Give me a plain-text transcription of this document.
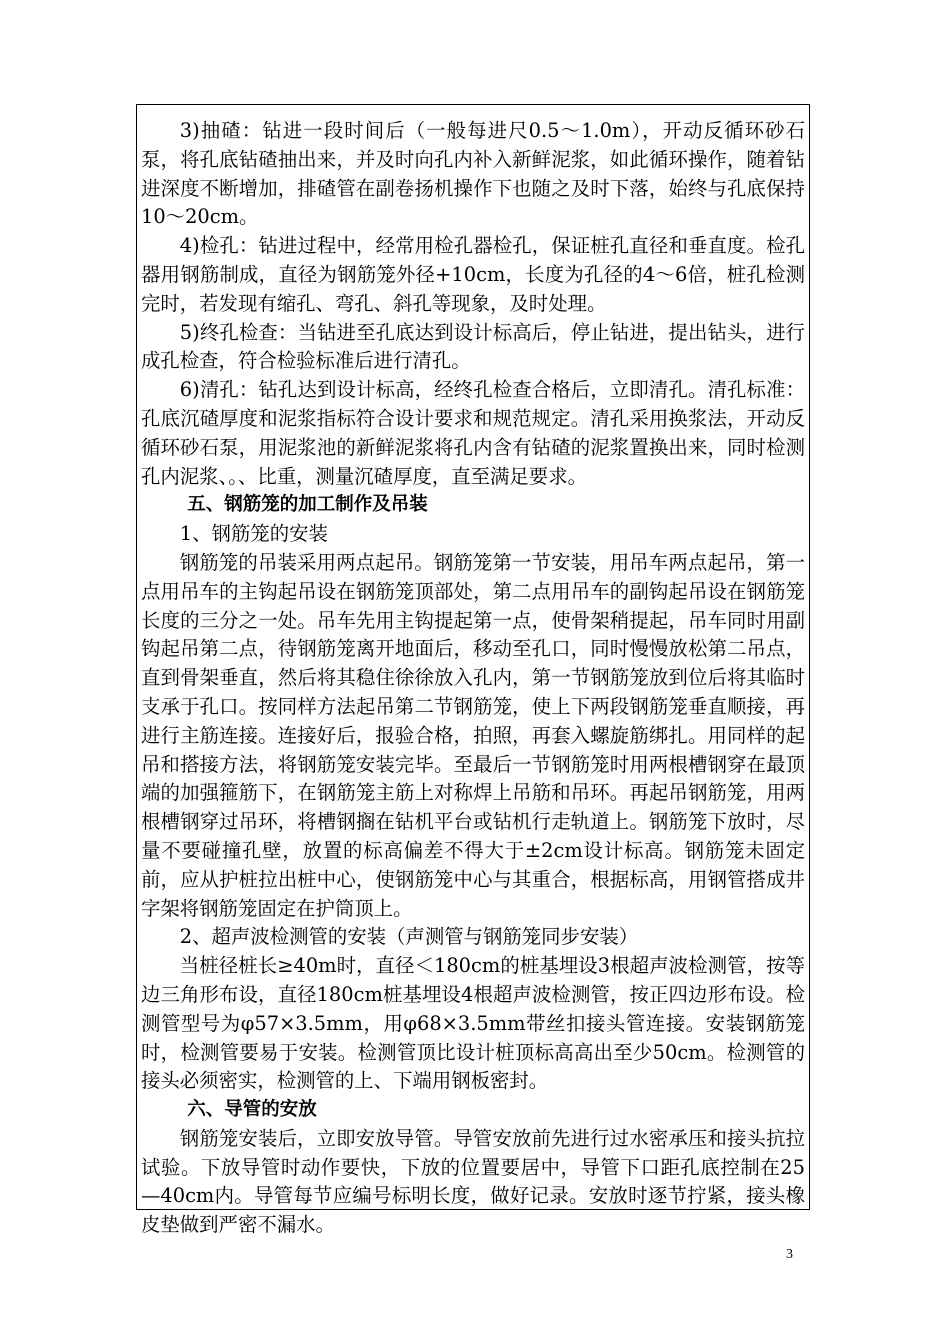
3)抽碴：钻进一段时间后（一般每进尺0.5～1.0m），开动反循环砂石泵，将孔底钻碴抽出来，并及时向孔内补入新鲜泥浆，如此循环操作，随着钻进深度不断增加，排碴管在副卷扬机操作下也随之及时下落，始终与孔底保持10～20cm。

4)检孔：钻进过程中，经常用检孔器检孔，保证桩孔直径和垂直度。检孔器用钢筋制成，直径为钢筋笼外径+10cm，长度为孔径的4～6倍，桩孔检测完时，若发现有缩孔、弯孔、斜孔等现象，及时处理。

5)终孔检查：当钻进至孔底达到设计标高后，停止钻进，提出钻头，进行成孔检查，符合检验标准后进行清孔。

6)清孔：钻孔达到设计标高，经终孔检查合格后，立即清孔。清孔标准：孔底沉碴厚度和泥浆指标符合设计要求和规范规定。清孔采用换浆法，开动反循环砂石泵，用泥浆池的新鲜泥浆将孔内含有钻碴的泥浆置换出来，同时检测孔内泥浆、。、比重，测量沉碴厚度，直至满足要求。

五、钢筋笼的加工制作及吊装

1、钢筋笼的安装

钢筋笼的吊装采用两点起吊。钢筋笼第一节安装，用吊车两点起吊，第一点用吊车的主钩起吊设在钢筋笼顶部处，第二点用吊车的副钩起吊设在钢筋笼长度的三分之一处。吊车先用主钩提起第一点，使骨架稍提起，吊车同时用副钩起吊第二点，待钢筋笼离开地面后，移动至孔口，同时慢慢放松第二吊点，直到骨架垂直，然后将其稳住徐徐放入孔内，第一节钢筋笼放到位后将其临时支承于孔口。按同样方法起吊第二节钢筋笼，使上下两段钢筋笼垂直顺接，再进行主筋连接。连接好后，报验合格，拍照，再套入螺旋筋绑扎。用同样的起吊和搭接方法，将钢筋笼安装完毕。至最后一节钢筋笼时用两根槽钢穿在最顶端的加强箍筋下，在钢筋笼主筋上对称焊上吊筋和吊环。再起吊钢筋笼，用两根槽钢穿过吊环，将槽钢搁在钻机平台或钻机行走轨道上。钢筋笼下放时，尽量不要碰撞孔壁，放置的标高偏差不得大于±2cm设计标高。钢筋笼未固定前，应从护桩拉出桩中心，使钢筋笼中心与其重合，根据标高，用钢管搭成井字架将钢筋笼固定在护筒顶上。

2、超声波检测管的安装（声测管与钢筋笼同步安装）

当桩径桩长≥40m时，直径＜180cm的桩基埋设3根超声波检测管，按等边三角形布设，直径180cm桩基埋设4根超声波检测管，按正四边形布设。检测管型号为φ57×3.5mm，用φ68×3.5mm带丝扣接头管连接。安装钢筋笼时，检测管要易于安装。检测管顶比设计桩顶标高高出至少50cm。检测管的接头必须密实，检测管的上、下端用钢板密封。

六、导管的安放

钢筋笼安装后，立即安放导管。导管安放前先进行过水密承压和接头抗拉试验。下放导管时动作要快，下放的位置要居中，导管下口距孔底控制在25—40cm内。导管每节应编号标明长度，做好记录。安放时逐节拧紧，接头橡皮垫做到严密不漏水。

3
